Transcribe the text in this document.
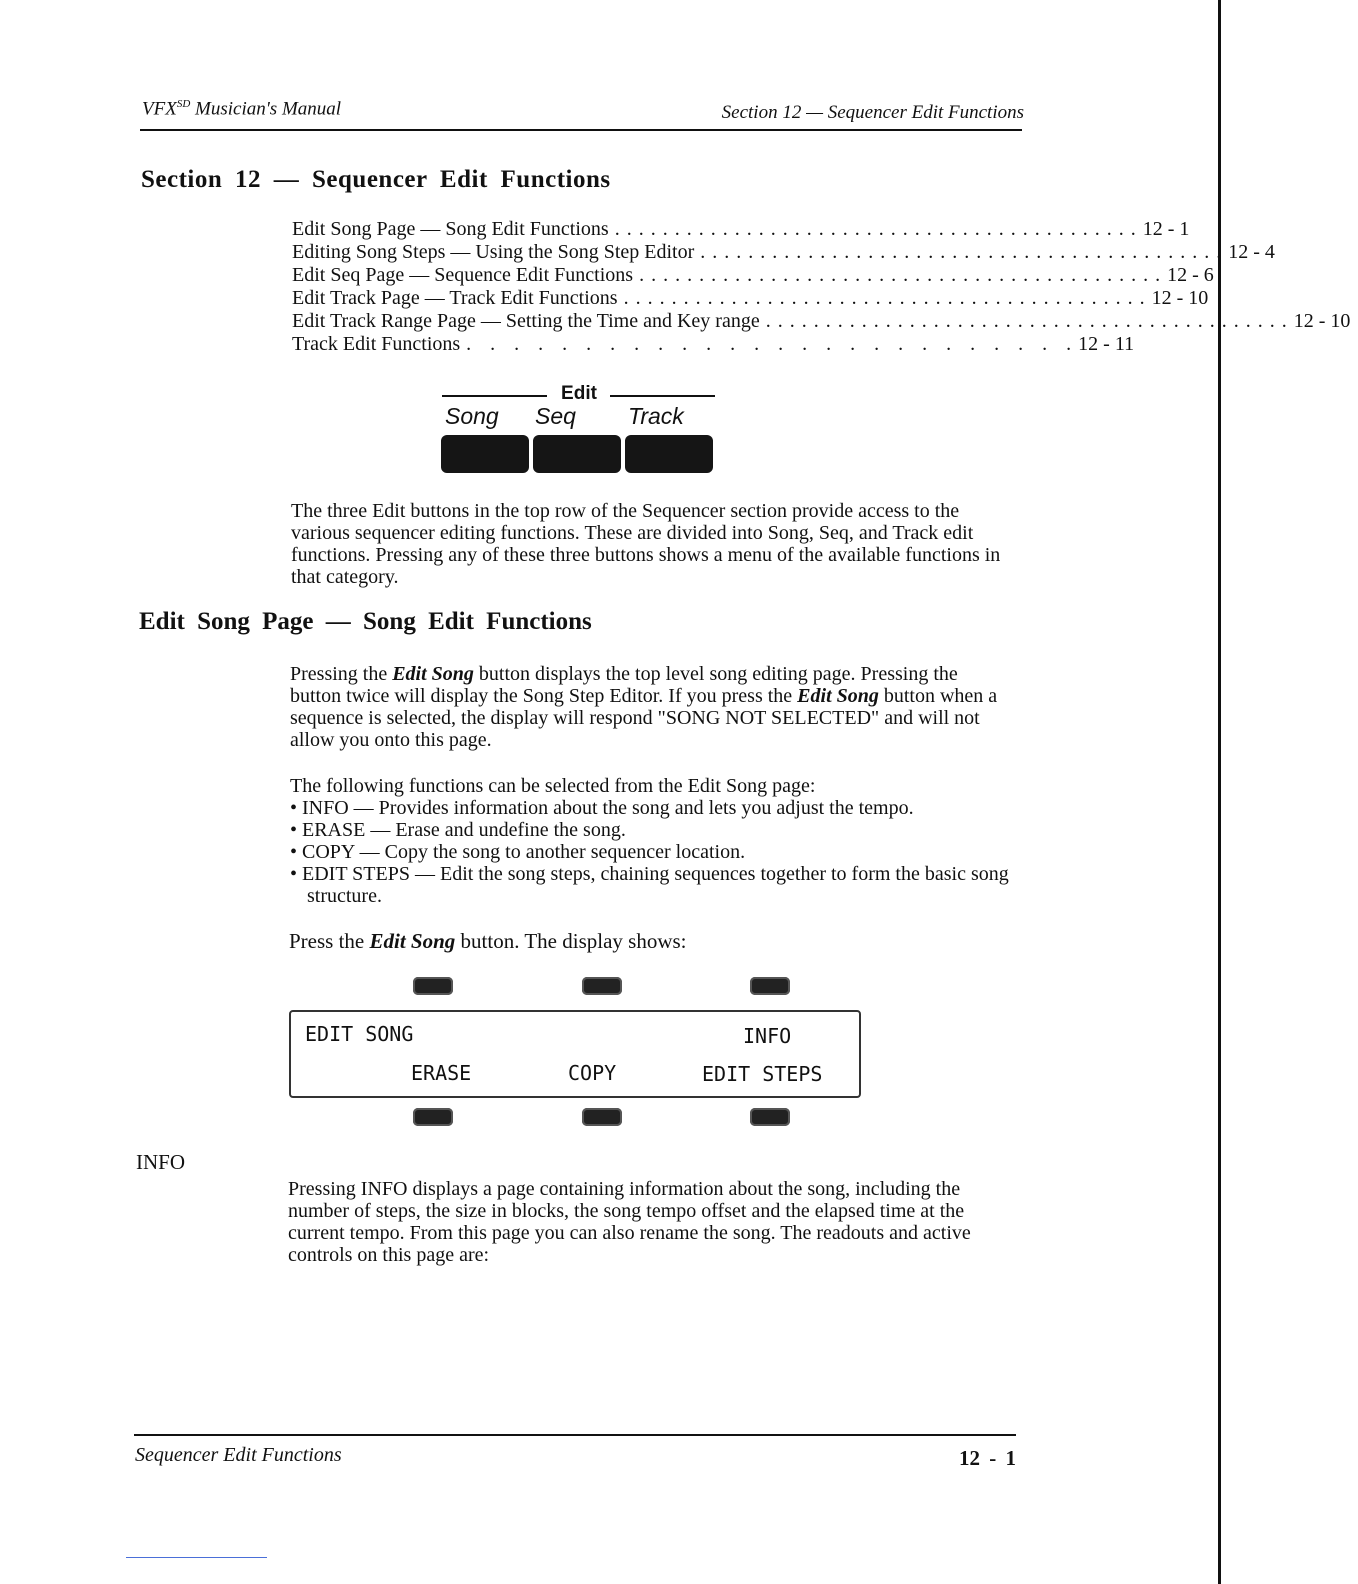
$VFX^{SD}$ Musician's Manual	Section 12 — Sequencer Edit Functions
Section 12 — Sequencer Edit Functions
Edit Song Page — Song Edit Functions ............................................ 12 - 1
Editing Song Steps — Using the Song Step Editor ............................................ 12 - 4
Edit Seq Page — Sequence Edit Functions ............................................ 12 - 6
Edit Track Page — Track Edit Functions ............................................ 12 - 10
Edit Track Range Page — Setting the Time and Key range ............................................ 12 - 10
Track Edit Functions . . . . . . . . . . . . . . . . . . . . . . . . . . 12 - 11
Edit
Song Seq Track

The three Edit buttons in the top row of the Sequencer section provide access to the various sequencer editing functions. These are divided into Song, Seq, and Track edit functions. Pressing any of these three buttons shows a menu of the available functions in that category.

Edit Song Page — Song Edit Functions

Pressing the Edit Song button displays the top level song editing page. Pressing the button twice will display the Song Step Editor. If you press the Edit Song button when a sequence is selected, the display will respond "SONG NOT SELECTED" and will not allow you onto this page.

The following functions can be selected from the Edit Song page:
• INFO — Provides information about the song and lets you adjust the tempo.
• ERASE — Erase and undefine the song.
• COPY — Copy the song to another sequencer location.
• EDIT STEPS — Edit the song steps, chaining sequences together to form the basic song structure.
Press the Edit Song button. The display shows:
EDIT SONG	INFO
ERASE	COPY	EDIT STEPS
INFO

Pressing INFO displays a page containing information about the song, including the number of steps, the size in blocks, the song tempo offset and the elapsed time at the current tempo. From this page you can also rename the song. The readouts and active controls on this page are:

Sequencer Edit Functions	12 - 1
